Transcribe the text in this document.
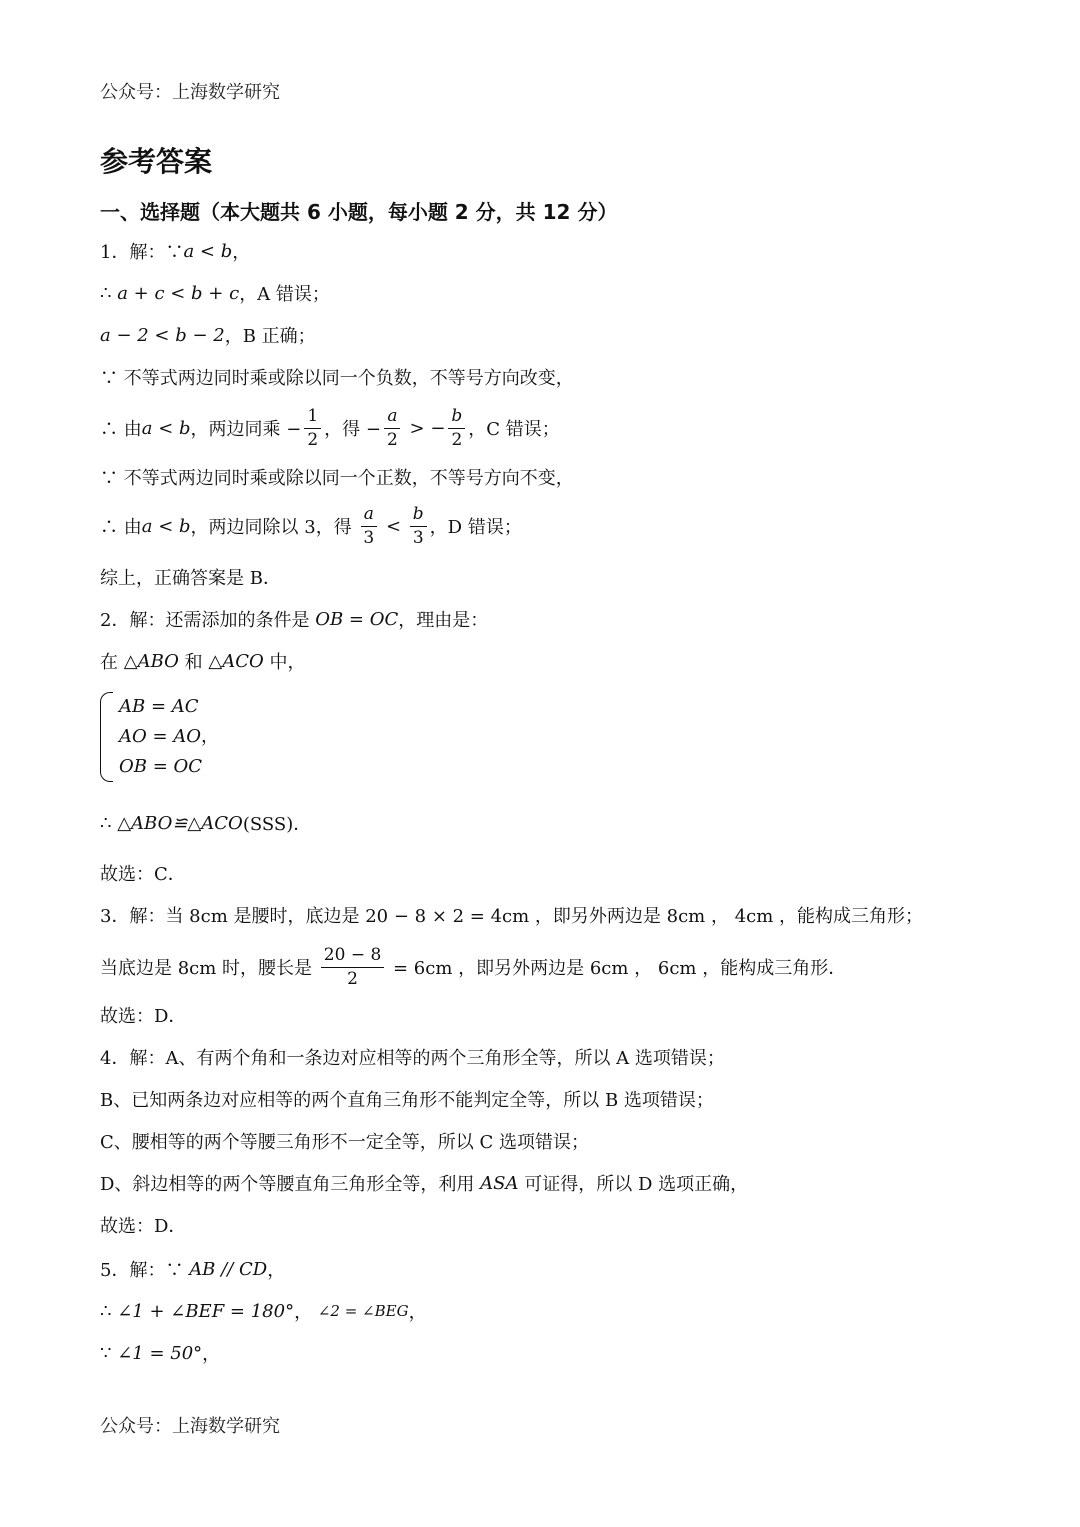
公众号：上海数学研究
参考答案
一、选择题（本大题共 6 小题，每小题 2 分，共 12 分）
1．解：∵ a < b ，
∴ a + c < b + c ，A 错误；
a − 2 < b − 2 ，B 正确；
∵ 不等式两边同时乘或除以同一个负数，不等号方向改变，
∴ 由 a < b ，两边同乘 − $\frac{1}{2}$ ，得 − $\frac{a}{2}$ > − $\frac{b}{2}$ ，C 错误；
∵ 不等式两边同时乘或除以同一个正数，不等号方向不变，
∴ 由 a < b ，两边同除以 3，得 $\frac{a}{3} < \frac{b}{3}$ ，D 错误；
综上，正确答案是 B．
2．解：还需添加的条件是 OB = OC ，理由是：
在 △ABO 和 △ACO 中，
AB = AC
AO = AO，
OB = OC
∴ △ABO≌△ACO (SSS)．
故选：C．
3．解：当 8cm 是腰时，底边是 20 − 8 × 2 = 4cm ，即另外两边是 8cm ， 4cm ，能构成三角形；
当底边是 8cm 时，腰长是 $\frac{20 - 8}{2} = 6cm$ ，即另外两边是 6cm ， 6cm ，能构成三角形．
故选：D．
4．解：A、有两个角和一条边对应相等的两个三角形全等，所以 A 选项错误；
B、已知两条边对应相等的两个直角三角形不能判定全等，所以 B 选项错误；
C、腰相等的两个等腰三角形不一定全等，所以 C 选项错误；
D、斜边相等的两个等腰直角三角形全等，利用 ASA 可证得，所以 D 选项正确，
故选：D．
5．解：∵ AB // CD ，
∴ ∠1 + ∠BEF = 180° ， ∠2 = ∠BEG ，
∵ ∠1 = 50° ，
公众号：上海数学研究
